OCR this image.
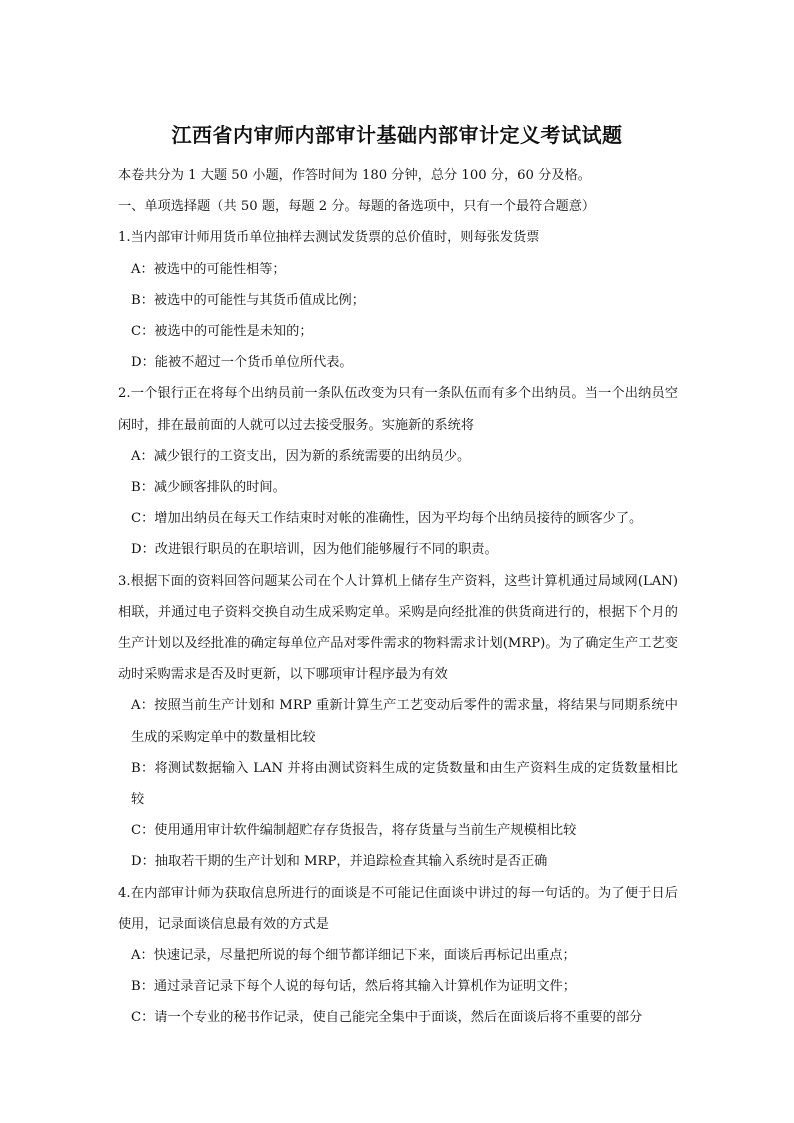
江西省内审师内部审计基础内部审计定义考试试题

本卷共分为 1 大题 50 小题，作答时间为 180 分钟，总分 100 分，60 分及格。

一、单项选择题（共 50 题，每题 2 分。每题的备选项中，只有一个最符合题意）

1.当内部审计师用货币单位抽样去测试发货票的总价值时，则每张发货票

A：被选中的可能性相等；

B：被选中的可能性与其货币值成比例；

C：被选中的可能性是未知的；

D：能被不超过一个货币单位所代表。

2.一个银行正在将每个出纳员前一条队伍改变为只有一条队伍而有多个出纳员。当一个出纳员空闲时，排在最前面的人就可以过去接受服务。实施新的系统将

A：减少银行的工资支出，因为新的系统需要的出纳员少。

B：减少顾客排队的时间。

C：增加出纳员在每天工作结束时对帐的准确性，因为平均每个出纳员接待的顾客少了。

D：改进银行职员的在职培训，因为他们能够履行不同的职责。

3.根据下面的资料回答问题某公司在个人计算机上储存生产资料，这些计算机通过局域网(LAN)相联，并通过电子资料交换自动生成采购定单。采购是向经批准的供货商进行的，根据下个月的生产计划以及经批准的确定每单位产品对零件需求的物料需求计划(MRP)。为了确定生产工艺变动时采购需求是否及时更新，以下哪项审计程序最为有效

A：按照当前生产计划和 MRP 重新计算生产工艺变动后零件的需求量，将结果与同期系统中生成的采购定单中的数量相比较

B：将测试数据输入 LAN 并将由测试资料生成的定货数量和由生产资料生成的定货数量相比较

C：使用通用审计软件编制超贮存存货报告，将存货量与当前生产规模相比较

D：抽取若干期的生产计划和 MRP，并追踪检查其输入系统时是否正确

4.在内部审计师为获取信息所进行的面谈是不可能记住面谈中讲过的每一句话的。为了便于日后使用，记录面谈信息最有效的方式是

A：快速记录，尽量把所说的每个细节都详细记下来，面谈后再标记出重点；

B：通过录音记录下每个人说的每句话，然后将其输入计算机作为证明文件；

C：请一个专业的秘书作记录，使自己能完全集中于面谈，然后在面谈后将不重要的部分
